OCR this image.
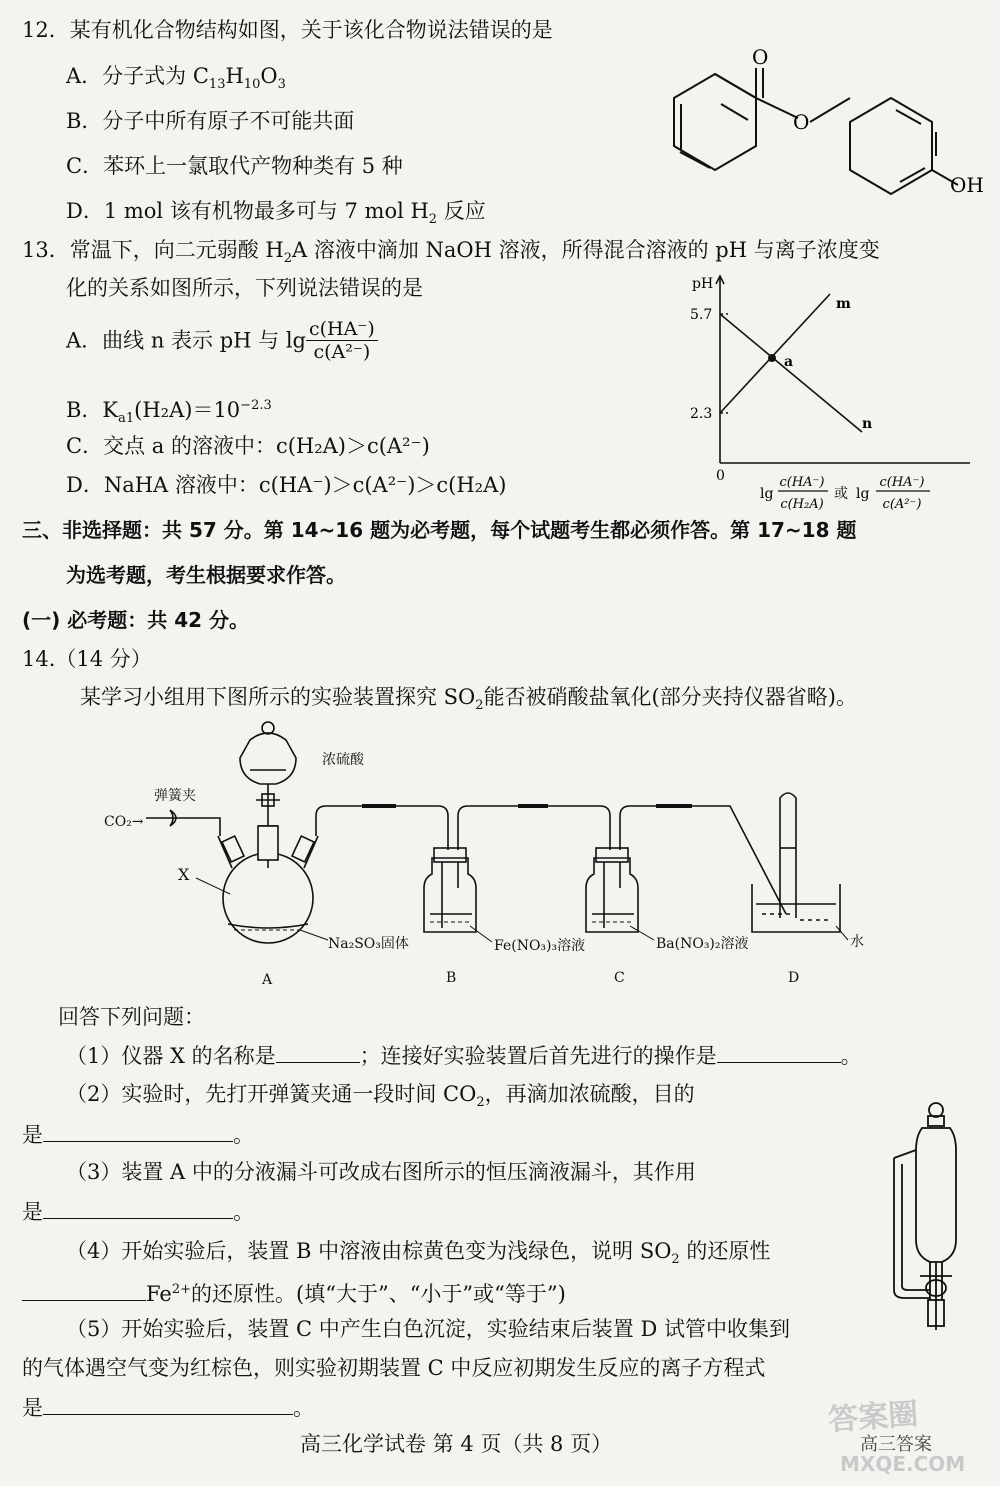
12．某有机化合物结构如图，关于该化合物说法错误的是
A．分子式为 $C_{13}H_{10}O_3$
B．分子中所有原子不可能共面
C．苯环上一氯取代产物种类有 5 种
D．1 mol 该有机物最多可与 7 mol $H_2$ 反应
O
O
OH
13．常温下，向二元弱酸 $H_2A$ 溶液中滴加 NaOH 溶液，所得混合溶液的 pH 与离子浓度变
化的关系如图所示，下列说法错误的是
A．曲线 n 表示 pH 与 $\lg \frac{c(HA^-)}{\text{c(A²⁻)}}$
B．$K_{a1}(H_2A)=10^{-2.3}$
C．交点 a 的溶液中：c(H₂A)＞c(A²⁻)
D．NaHA 溶液中：c(HA⁻)＞c(A²⁻)＞c(H₂A)
pH
5.7
2.3
0
m
n
a
lg
c(HA⁻)
c(H₂A)
或 lg
c(HA⁻)
c(A²⁻)
三、非选择题：共 57 分。第 14~16 题为必考题，每个试题考生都必须作答。第 17~18 题
为选考题，考生根据要求作答。
(一) 必考题：共 42 分。
14.（14 分）
某学习小组用下图所示的实验装置探究 $SO_2$能否被硝酸盐氧化(部分夹持仪器省略)。
浓硫酸
弹簧夹
CO₂→
X
Na₂SO₃固体	Fe(NO₃)₃溶液	Ba(NO₃)₂溶液	水
A	B	C	D
回答下列问题：
（1）仪器 X 的名称是	；连接好实验装置后首先进行的操作是	。
（2）实验时，先打开弹簧夹通一段时间 $CO_2$，再滴加浓硫酸，目的
是	。
（3）装置 A 中的分液漏斗可改成右图所示的恒压滴液漏斗，其作用
是	。
（4）开始实验后，装置 B 中溶液由棕黄色变为浅绿色，说明 $SO_2$ 的还原性
$Fe^{2+}$的还原性。(填“大于”、“小于”或“等于”)
（5）开始实验后，装置 C 中产生白色沉淀，实验结束后装置 D 试管中收集到
的气体遇空气变为红棕色，则实验初期装置 C 中反应初期发生反应的离子方程式
是	。
高三化学试卷 第 4 页（共 8 页）
答案圈
MXQE.COM
高三答案
